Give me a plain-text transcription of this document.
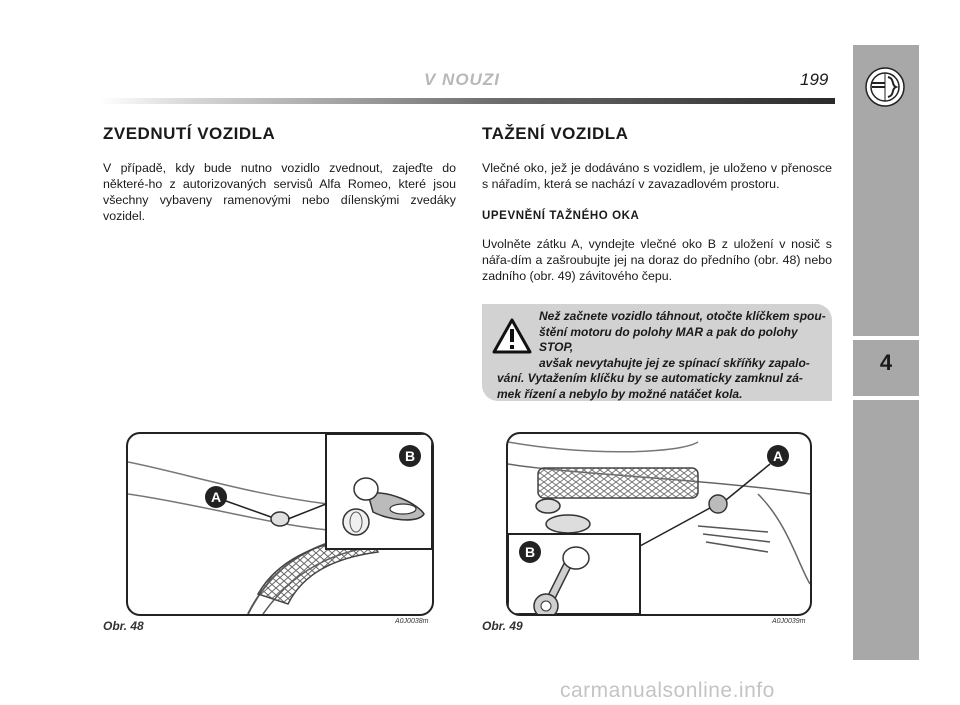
V NOUZI	199
4
ZVEDNUTÍ VOZIDLA
V případě, kdy bude nutno vozidlo zvednout, zajeďte do některé-ho z autorizovaných servisů Alfa Romeo, které jsou všechny vybaveny ramenovými nebo dílenskými zvedáky vozidel.
TAŽENÍ VOZIDLA
Vlečné oko, jež je dodáváno s vozidlem, je uloženo v přenosce s nářadím, která se nachází v zavazadlovém prostoru.
UPEVNĚNÍ TAŽNÉHO OKA
Uvolněte zátku A, vyndejte vlečné oko B z uložení v nosič s nářa-dím a zašroubujte jej na doraz do předního (obr. 48) nebo zadního (obr. 49) závitového čepu.
Než začnete vozidlo táhnout, otočte klíčkem spou-
štění motoru do polohy MAR a pak do polohy STOP,
avšak nevytahujte jej ze spínací skříňky zapalo-
vání. Vytažením klíčku by se automaticky zamknul zá-
mek řízení a nebylo by možné natáčet kola.
A
B
Obr. 48	A0J0038m
A
B
Obr. 49	A0J0039m
carmanualsonline.info
